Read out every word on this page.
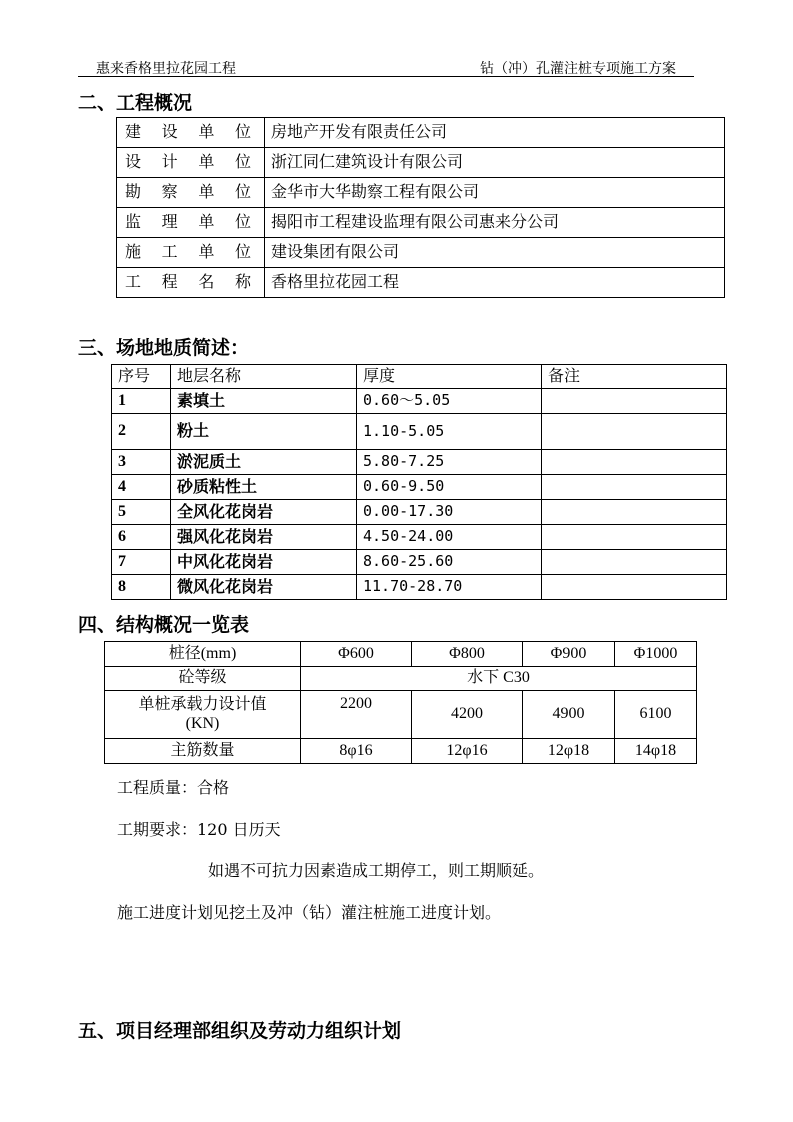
惠来香格里拉花园工程	钻（冲）孔灌注桩专项施工方案
二、工程概况
建 设 单 位	房地产开发有限责任公司

设 计 单 位	浙江同仁建筑设计有限公司

勘 察 单 位	金华市大华勘察工程有限公司

监 理 单 位	揭阳市工程建设监理有限公司惠来分公司

施 工 单 位	建设集团有限公司

工 程 名 称	香格里拉花园工程
三、场地地质简述：
序号	地层名称	厚度	备注
1	素填土	0.60～5.05	
2	粉土	1.10-5.05	
3	淤泥质土	5.80-7.25	
4	砂质粘性土	0.60-9.50	
5	全风化花岗岩	0.00-17.30	
6	强风化花岗岩	4.50-24.00	
7	中风化花岗岩	8.60-25.60	
8	微风化花岗岩	11.70-28.70	
四、结构概况一览表
桩径(mm)	Φ600	Φ800	Φ900	Φ1000
砼等级	水下 C30			

单桩承载力设计值
(KN)	2200	4200	4900	6100
主筋数量	8φ16	12φ16	12φ18	14φ18
工程质量：合格
工期要求：120 日历天
如遇不可抗力因素造成工期停工，则工期顺延。
施工进度计划见挖土及冲（钻）灌注桩施工进度计划。
五、项目经理部组织及劳动力组织计划
